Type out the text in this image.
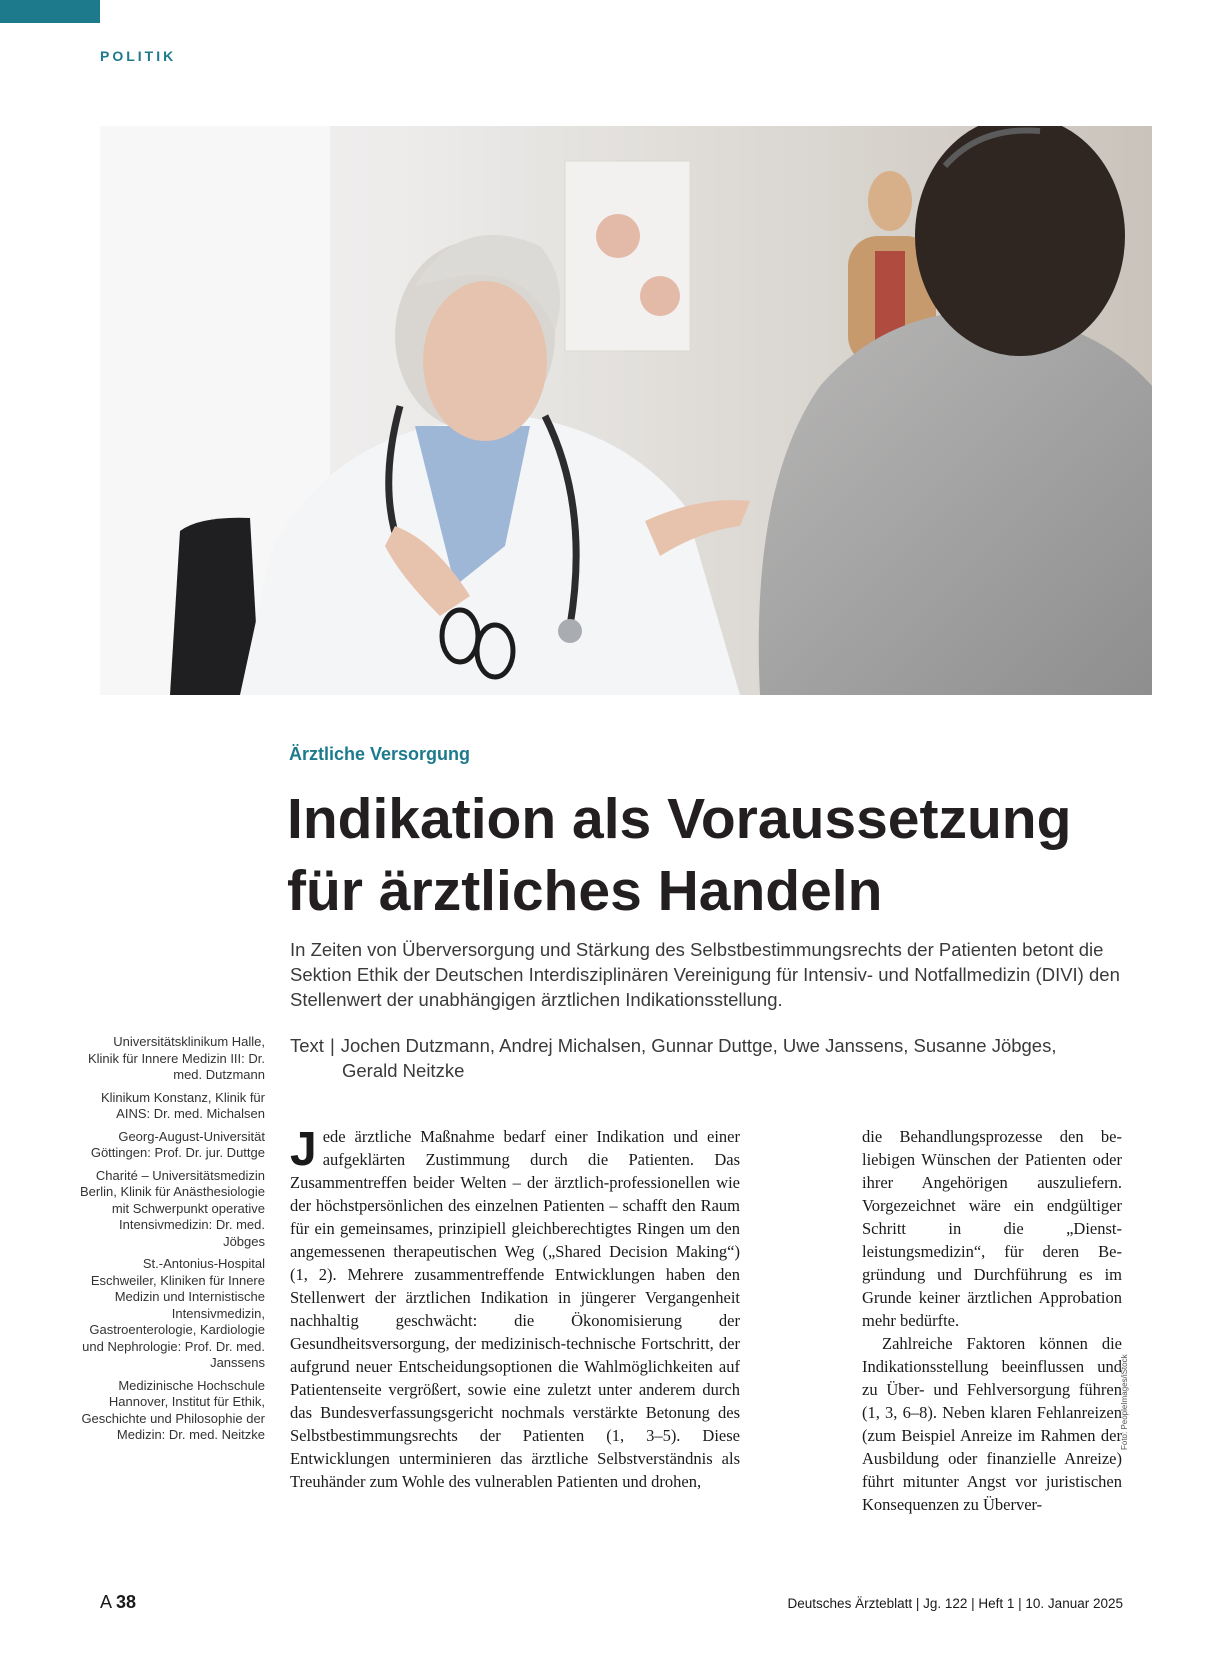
POLITIK
Ärztliche Versorgung
Indikation als Voraussetzung
für ärztliches Handeln

In Zeiten von Überversorgung und Stärkung des Selbstbestimmungsrechts der Patienten betont die Sektion Ethik der Deutschen Interdisziplinären Vereinigung für Intensiv- und Notfallmedizin (DIVI) den Stellenwert der unabhängigen ärztlichen Indikationsstellung.

Text | Jochen Dutzmann, Andrej Michalsen, Gunnar Duttge, Uwe Janssens, Susanne Jöbges,
Gerald Neitzke
Universitätsklinikum Halle, Klinik für Innere Medizin III: Dr. med. Dutzmann
Klinikum Konstanz, Klinik für AINS: Dr. med. Michalsen
Georg-August-Universität Göttingen: Prof. Dr. jur. Duttge
Charité – Universitätsmedizin Berlin, Klinik für Anästhesiologie mit Schwerpunkt operative Intensivmedizin: Dr. med. Jöbges
St.-Antonius-Hospital Eschweiler, Kliniken für Innere Medizin und Internistische Intensivmedizin, Gastroenterologie, Kardiologie und Nephrologie: Prof. Dr. med. Janssens
Medizinische Hochschule Hannover, Institut für Ethik, Geschichte und Philosophie der Medizin: Dr. med. Neitzke
J ede ärztliche Maßnahme bedarf einer Indikation und einer aufgeklärten Zustimmung durch die Patienten. Das Zusammentreffen beider Welten – der ärztlich-professionellen wie der höchstpersönlichen des einzelnen Patienten – schafft den Raum für ein gemeinsames, prinzipiell gleichberechtigtes Ringen um den angemessenen therapeutischen Weg („Shared Decision Making“) (1, 2). Mehrere zusammentreffende Entwicklungen haben den Stellenwert der ärztlichen Indikation in jüngerer Vergangenheit nachhaltig geschwächt: die Ökonomisierung der Gesundheitsversorgung, der medizinisch-technische Fortschritt, der aufgrund neuer Entscheidungsoptionen die Wahlmöglichkeiten auf Patientenseite vergrößert, sowie eine zuletzt unter anderem durch das Bundesverfassungsgericht nochmals verstärkte Betonung des Selbstbestimmungsrechts der Patienten (1, 3–5). Diese Entwicklungen unterminieren das ärztliche Selbstverständnis als Treuhänder zum Wohle des vulnerablen Patienten und drohen,
die Behandlungsprozesse den beliebigen Wünschen der Patienten oder ihrer Angehörigen auszuliefern. Vorgezeichnet wäre ein endgültiger Schritt in die „Dienstleistungsmedizin“, für deren Begründung und Durchführung es im Grunde keiner ärztlichen Approbation mehr bedürfte.
Zahlreiche Faktoren können die Indikationsstellung beeinflussen und zu Über- und Fehlversorgung führen (1, 3, 6–8). Neben klaren Fehlanreizen (zum Beispiel Anreize im Rahmen der Ausbildung oder finanzielle Anreize) führt mitunter Angst vor juristischen Konsequenzen zu Überver-
Foto: PeopleImages/iStock
A 38	Deutsches Ärzteblatt | Jg. 122 | Heft 1 | 10. Januar 2025
